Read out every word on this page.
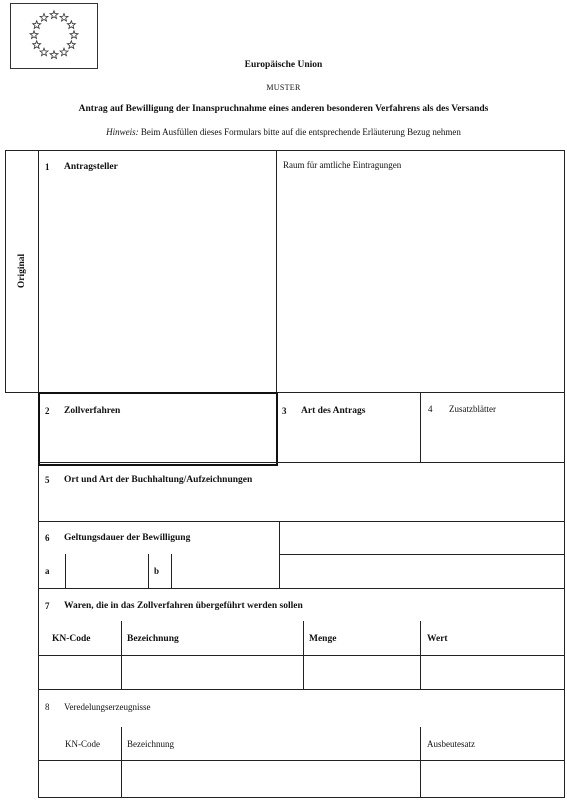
Europäische Union
MUSTER
Antrag auf Bewilligung der Inanspruchnahme eines anderen besonderen Verfahrens als des Versands
Hinweis: Beim Ausfüllen dieses Formulars bitte auf die entsprechende Erläuterung Bezug nehmen
Original
1 Antragsteller	Raum für amtliche Eintragungen
2 Zollverfahren	3 Art des Antrags	4 Zusatzblätter
5 Ort und Art der Buchhaltung/Aufzeichnungen
6 Geltungsdauer der Bewilligung
a	b
7 Waren, die in das Zollverfahren übergeführt werden sollen
KN-Code	Bezeichnung	Menge	Wert
8 Veredelungserzeugnisse
KN-Code	Bezeichnung	Ausbeutesatz
